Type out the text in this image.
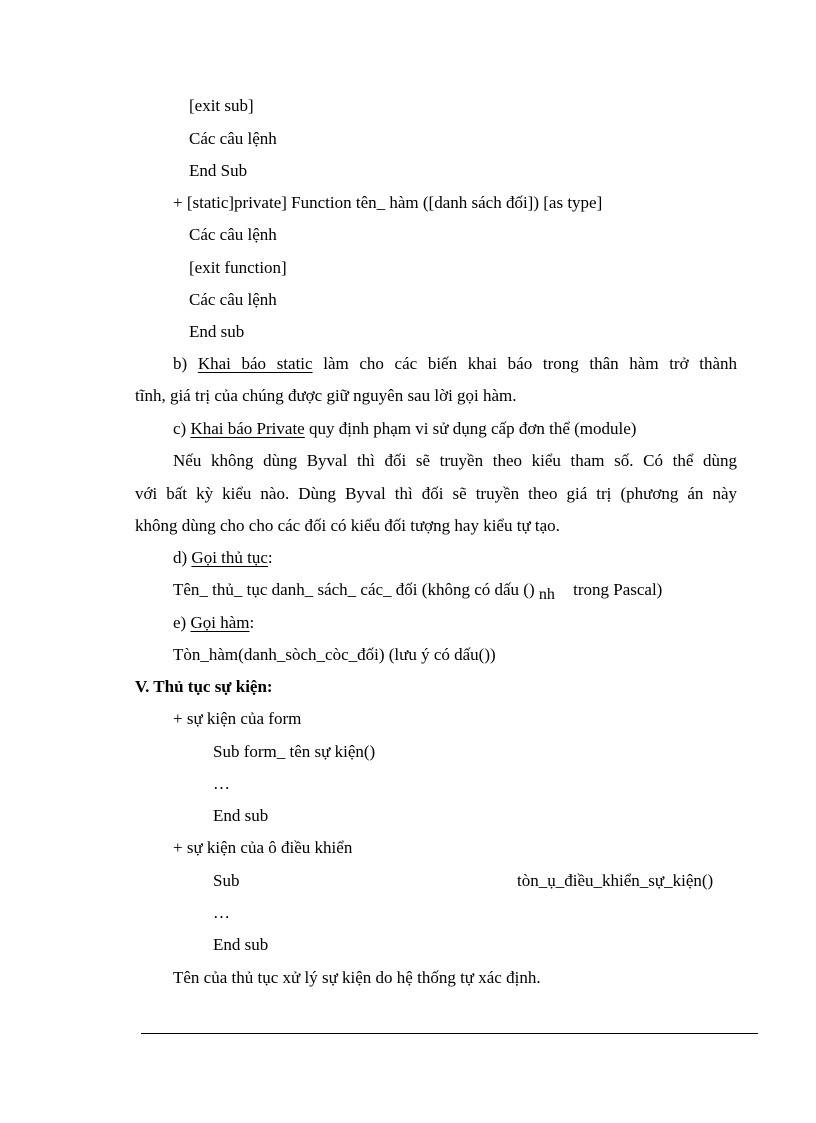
[exit sub]
Các câu lệnh
End Sub
+ [static]private] Function tên_ hàm ([danh sách đối]) [as type]
Các câu lệnh
[exit function]
Các câu lệnh
End sub
b) Khai báo static làm cho các biến khai báo trong thân hàm trở thành
tĩnh, giá trị của chúng được giữ nguyên sau lời gọi hàm.
c) Khai báo Private quy định phạm vi sử dụng cấp đơn thể (module)
Nếu không dùng Byval thì đối sẽ truyền theo kiểu tham số. Có thể dùng
với bất kỳ kiểu nào. Dùng Byval thì đối sẽ truyền theo giá trị (phương án này
không dùng cho cho các đối có kiểu đối tượng hay kiểu tự tạo.
d) Gọi thủ tục:
Tên_ thủ_ tục danh_ sách_ các_ đối (không có dấu () nh trong Pascal)
e) Gọi hàm:
Tòn_hàm(danh_sòch_còc_đối) (lưu ý có dấu())
V. Thủ tục sự kiện:
+ sự kiện của form
Sub form_ tên sự kiện()
…
End sub
+ sự kiện của ô điều khiển
Sub	tòn_ụ_điều_khiển_sự_kiện()
…
End sub
Tên của thủ tục xử lý sự kiện do hệ thống tự xác định.
